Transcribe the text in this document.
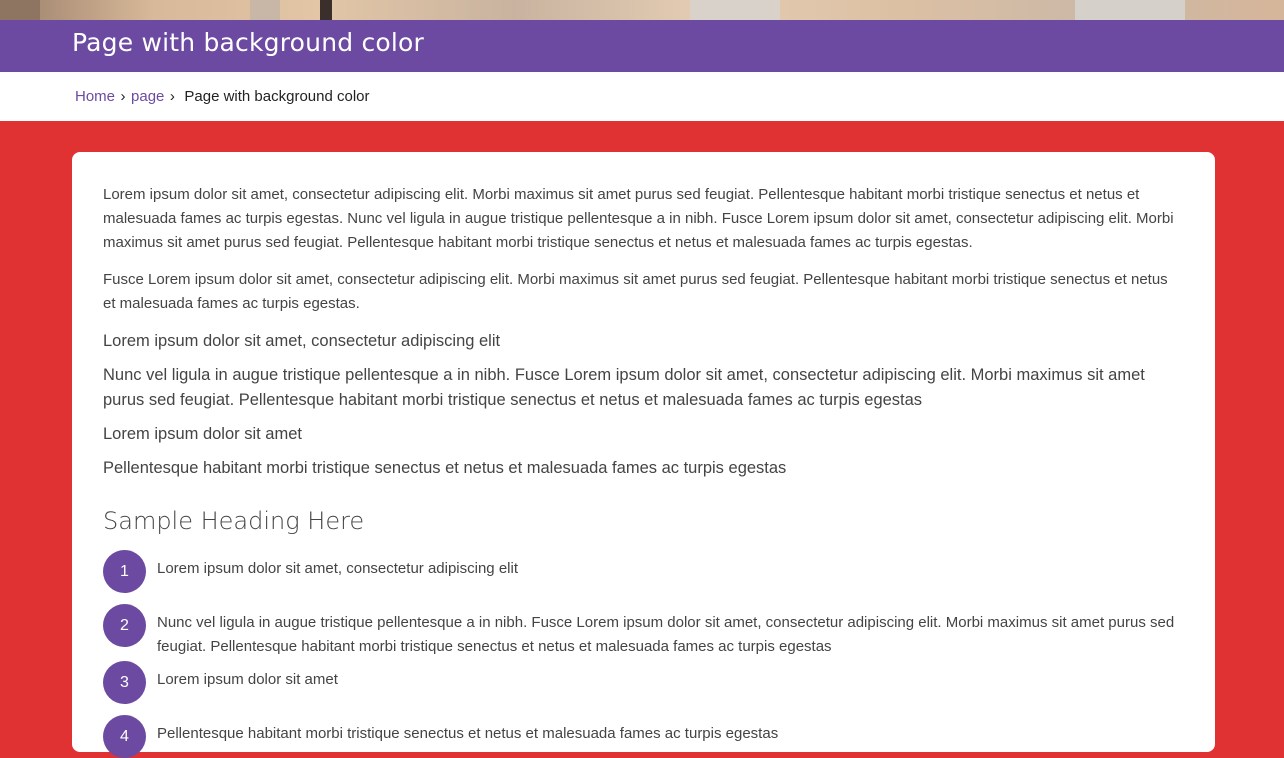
Page with background color
Home › page › Page with background color

Lorem ipsum dolor sit amet, consectetur adipiscing elit. Morbi maximus sit amet purus sed feugiat. Pellentesque habitant morbi tristique senectus et netus et malesuada fames ac turpis egestas. Nunc vel ligula in augue tristique pellentesque a in nibh. Fusce Lorem ipsum dolor sit amet, consectetur adipiscing elit. Morbi maximus sit amet purus sed feugiat. Pellentesque habitant morbi tristique senectus et netus et malesuada fames ac turpis egestas.

Fusce Lorem ipsum dolor sit amet, consectetur adipiscing elit. Morbi maximus sit amet purus sed feugiat. Pellentesque habitant morbi tristique senectus et netus et malesuada fames ac turpis egestas.

Lorem ipsum dolor sit amet, consectetur adipiscing elit

Nunc vel ligula in augue tristique pellentesque a in nibh. Fusce Lorem ipsum dolor sit amet, consectetur adipiscing elit. Morbi maximus sit amet purus sed feugiat. Pellentesque habitant morbi tristique senectus et netus et malesuada fames ac turpis egestas

Lorem ipsum dolor sit amet

Pellentesque habitant morbi tristique senectus et netus et malesuada fames ac turpis egestas

Sample Heading Here
1	Lorem ipsum dolor sit amet, consectetur adipiscing elit
2	Nunc vel ligula in augue tristique pellentesque a in nibh. Fusce Lorem ipsum dolor sit amet, consectetur adipiscing elit. Morbi maximus sit amet purus sed feugiat. Pellentesque habitant morbi tristique senectus et netus et malesuada fames ac turpis egestas
3	Lorem ipsum dolor sit amet
4	Pellentesque habitant morbi tristique senectus et netus et malesuada fames ac turpis egestas
